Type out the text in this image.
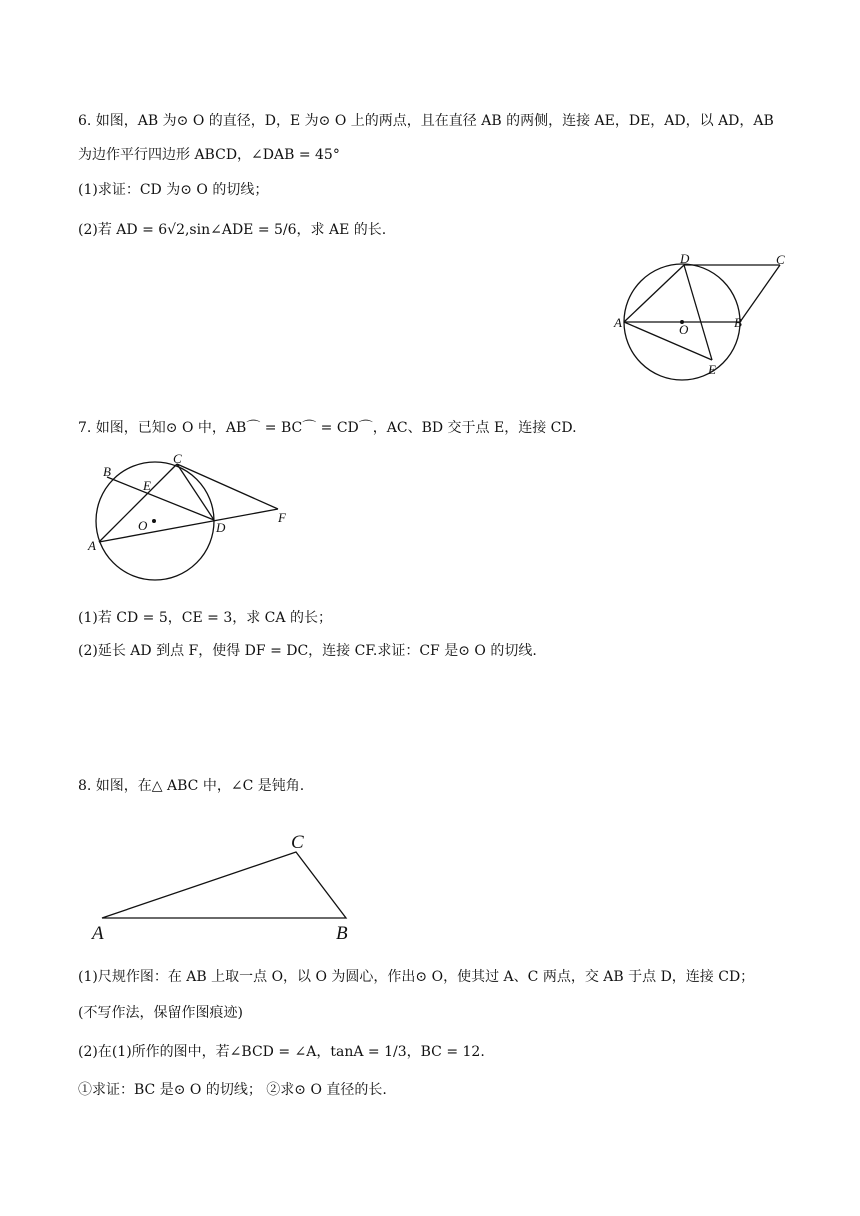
6. 如图，AB 为⊙ O 的直径，D，E 为⊙ O 上的两点，且在直径 AB 的两侧，连接 AE，DE，AD，以 AD，AB
为边作平行四边形 ABCD，∠DAB = 45°
(1)求证：CD 为⊙ O 的切线；
(2)若 AD = 6√2,sin∠ADE = 5/6，求 AE 的长.
A	B
C
D
E
O
7. 如图，已知⊙ O 中，AB⌒ = BC⌒ = CD⌒，AC、BD 交于点 E，连接 CD.
A
B
C
D
E
F
O
(1)若 CD = 5，CE = 3，求 CA 的长；
(2)延长 AD 到点 F，使得 DF = DC，连接 CF.求证：CF 是⊙ O 的切线.
8. 如图，在△ ABC 中，∠C 是钝角.
A	B
C
(1)尺规作图：在 AB 上取一点 O，以 O 为圆心，作出⊙ O，使其过 A、C 两点，交 AB 于点 D，连接 CD；
(不写作法，保留作图痕迹)
(2)在(1)所作的图中，若∠BCD = ∠A，tanA = 1/3，BC = 12.
①求证：BC 是⊙ O 的切线； ②求⊙ O 直径的长.
